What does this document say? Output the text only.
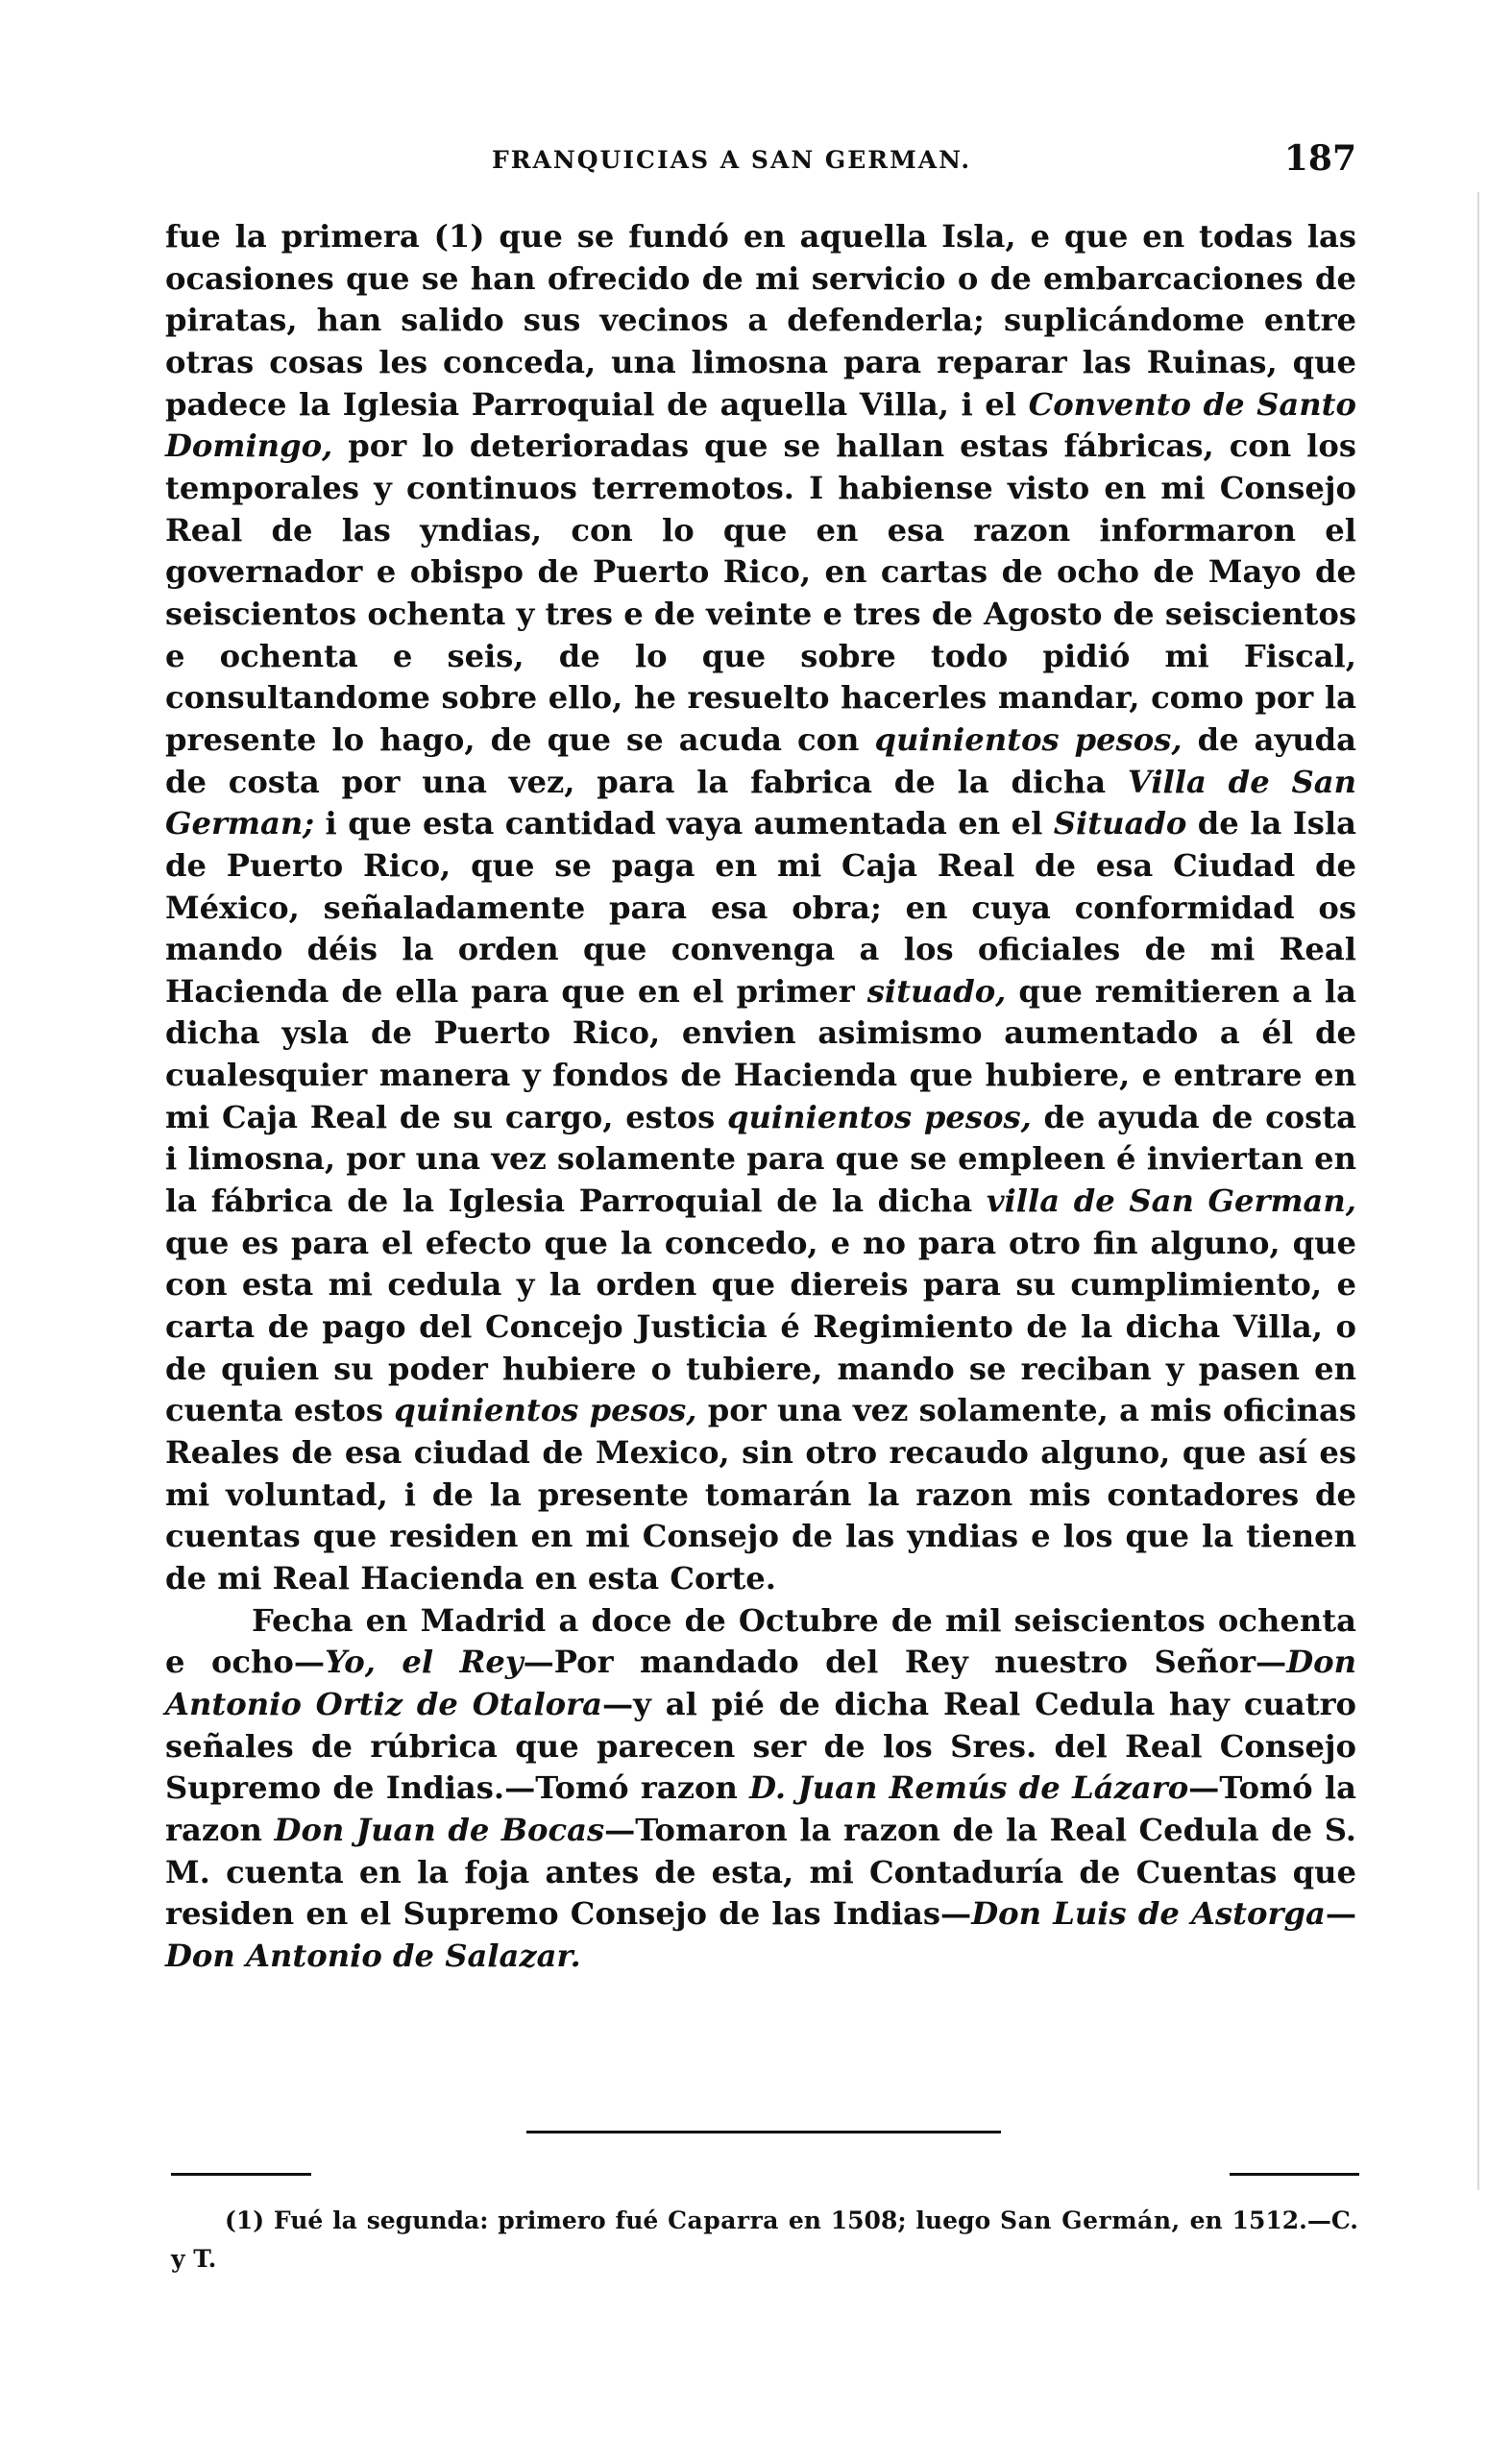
FRANQUICIAS A SAN GERMAN.	187

fue la primera (1) que se fundó en aquella Isla, e que en todas las ocasiones que se han ofrecido de mi servicio o de embarcaciones de piratas, han salido sus vecinos a defenderla; suplicándome entre otras cosas les conceda, una limosna para reparar las Ruinas, que padece la Iglesia Parroquial de aquella Villa, i el Convento de Santo Domingo, por lo deterioradas que se hallan estas fábricas, con los temporales y continuos terremotos. I habiense visto en mi Consejo Real de las yndias, con lo que en esa razon informaron el governador e obispo de Puerto Rico, en cartas de ocho de Mayo de seiscientos ochenta y tres e de veinte e tres de Agosto de seiscientos e ochenta e seis, de lo que sobre todo pidió mi Fiscal, consultandome sobre ello, he resuelto hacerles mandar, como por la presente lo hago, de que se acuda con quinientos pesos, de ayuda de costa por una vez, para la fabrica de la dicha Villa de San German; i que esta cantidad vaya aumentada en el Situado de la Isla de Puerto Rico, que se paga en mi Caja Real de esa Ciudad de México, señaladamente para esa obra; en cuya conformidad os mando déis la orden que convenga a los oficiales de mi Real Hacienda de ella para que en el primer situado, que remitieren a la dicha ysla de Puerto Rico, envien asimismo aumentado a él de cualesquier manera y fondos de Hacienda que hubiere, e entrare en mi Caja Real de su cargo, estos quinientos pesos, de ayuda de costa i limosna, por una vez solamente para que se empleen é inviertan en la fábrica de la Iglesia Parroquial de la dicha villa de San German, que es para el efecto que la concedo, e no para otro fin alguno, que con esta mi cedula y la orden que diereis para su cumplimiento, e carta de pago del Concejo Justicia é Regimiento de la dicha Villa, o de quien su poder hubiere o tubiere, mando se reciban y pasen en cuenta estos quinientos pesos, por una vez solamente, a mis oficinas Reales de esa ciudad de Mexico, sin otro recaudo alguno, que así es mi voluntad, i de la presente tomarán la razon mis contadores de cuentas que residen en mi Consejo de las yndias e los que la tienen de mi Real Hacienda en esta Corte.

Fecha en Madrid a doce de Octubre de mil seiscientos ochenta e ocho—Yo, el Rey—Por mandado del Rey nuestro Señor—Don Antonio Ortiz de Otalora—y al pié de dicha Real Cedula hay cuatro señales de rúbrica que parecen ser de los Sres. del Real Consejo Supremo de Indias.—Tomó razon D. Juan Remús de Lázaro—Tomó la razon Don Juan de Bocas—Tomaron la razon de la Real Cedula de S. M. cuenta en la foja antes de esta, mi Contaduría de Cuentas que residen en el Supremo Consejo de las Indias—Don Luis de Astorga—Don Antonio de Salazar.

(1) Fué la segunda: primero fué Caparra en 1508; luego San Germán, en 1512.—C. y T.
